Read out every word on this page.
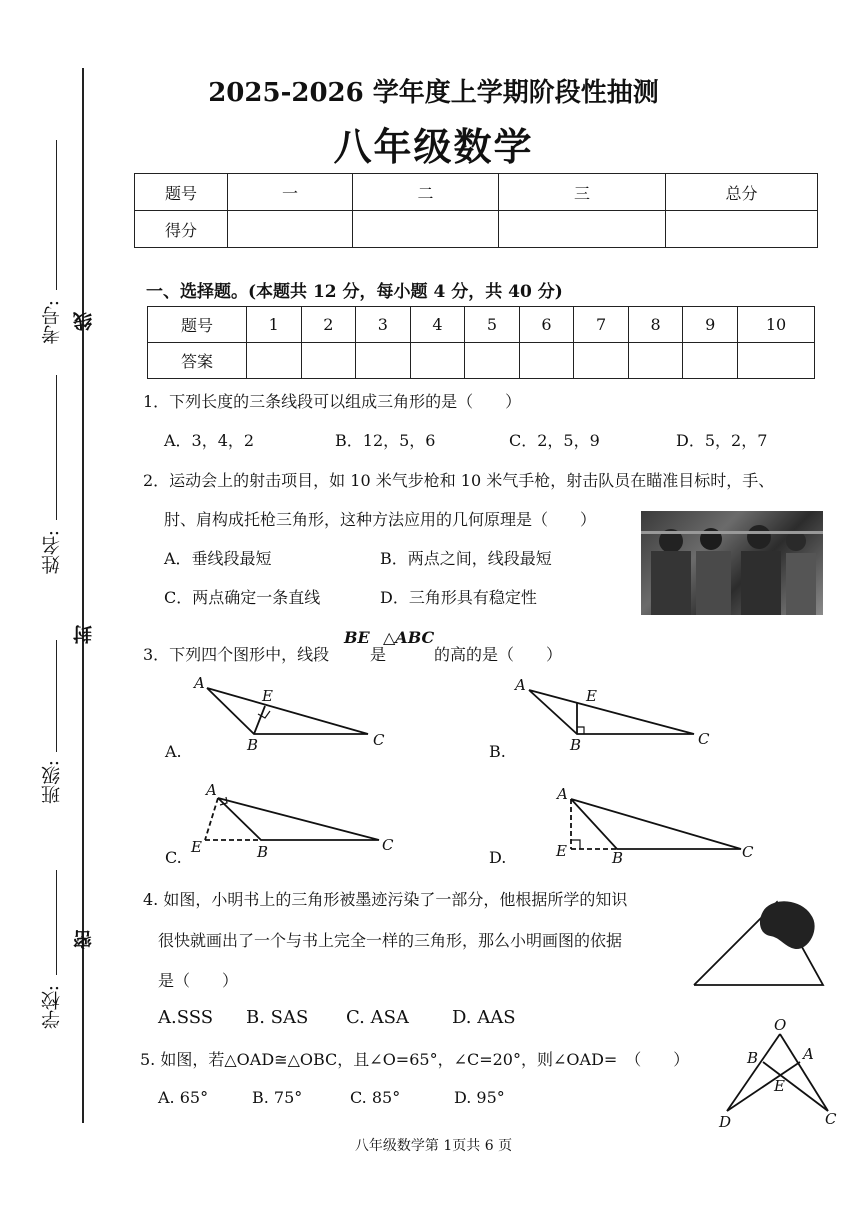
考号: 线
姓名:
封
班级:
密
学校:
2025-2026 学年度上学期阶段性抽测
八年级数学
题号	一	二	三	总分
得分				
一、选择题。(本题共 12 分，每小题 4 分，共 40 分)
题号	1	2	3	4	5	6	7	8	9	10
答案										
1．下列长度的三条线段可以组成三角形的是（　　）
A．3，4，2	B．12，5，6	C．2，5，9	D．5，2，7
2．运动会上的射击项目，如 10 米气步枪和 10 米气手枪，射击队员在瞄准目标时，手、
肘、肩构成托枪三角形，这种方法应用的几何原理是（　　）
A．垂线段最短	B．两点之间，线段最短
C．两点确定一条直线	D．三角形具有稳定性
3．下列四个图形中，线段
BE
是
△ABC
的高的是（　　）
A.	B.
C.	D.
A
E
B	C
A
E
B	C
A
E	B	C
A
E	B	C
O
B	A
E
D	C
4. 如图，小明书上的三角形被墨迹污染了一部分，他根据所学的知识
很快就画出了一个与书上完全一样的三角形，那么小明画图的依据
是（　　）
A.SSS B. SAS C. ASA D. AAS
5. 如图，若△OAD≅△OBC，且∠O=65°，∠C=20°，则∠OAD=　（　　）
A. 65°	B. 75°	C. 85°	D. 95°
八年级数学第 1页共 6 页
